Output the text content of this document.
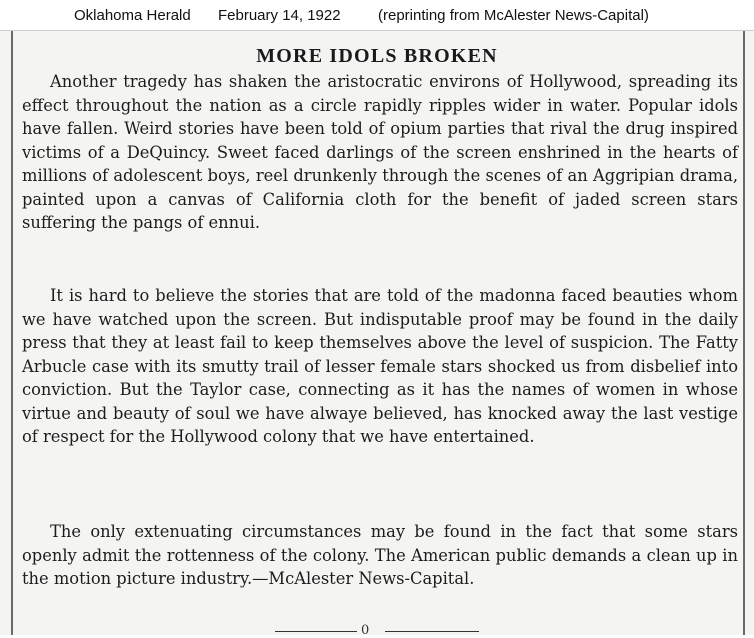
Oklahoma Herald February 14, 1922 (reprinting from McAlester News-Capital)
MORE IDOLS BROKEN

Another tragedy has shaken the aristocratic environs of Hollywood, spreading its effect throughout the nation as a circle rapidly ripples wider in water. Popular idols have fallen. Weird stories have been told of opium parties that rival the drug inspired victims of a DeQuincy. Sweet faced darlings of the screen enshrined in the hearts of millions of adolescent boys, reel drunkenly through the scenes of an Aggripian drama, painted upon a canvas of California cloth for the benefit of jaded screen stars suffering the pangs of ennui.

It is hard to believe the stories that are told of the madonna faced beauties whom we have watched upon the screen. But indisputable proof may be found in the daily press that they at least fail to keep themselves above the level of suspicion. The Fatty Arbucle case with its smutty trail of lesser female stars shocked us from disbelief into conviction. But the Taylor case, connecting as it has the names of women in whose virtue and beauty of soul we have alwaye believed, has knocked away the last vestige of respect for the Hollywood colony that we have entertained.

The only extenuating circumstances may be found in the fact that some stars openly admit the rottenness of the colony. The American public demands a clean up in the motion picture industry.—McAlester News-Capital.

0
